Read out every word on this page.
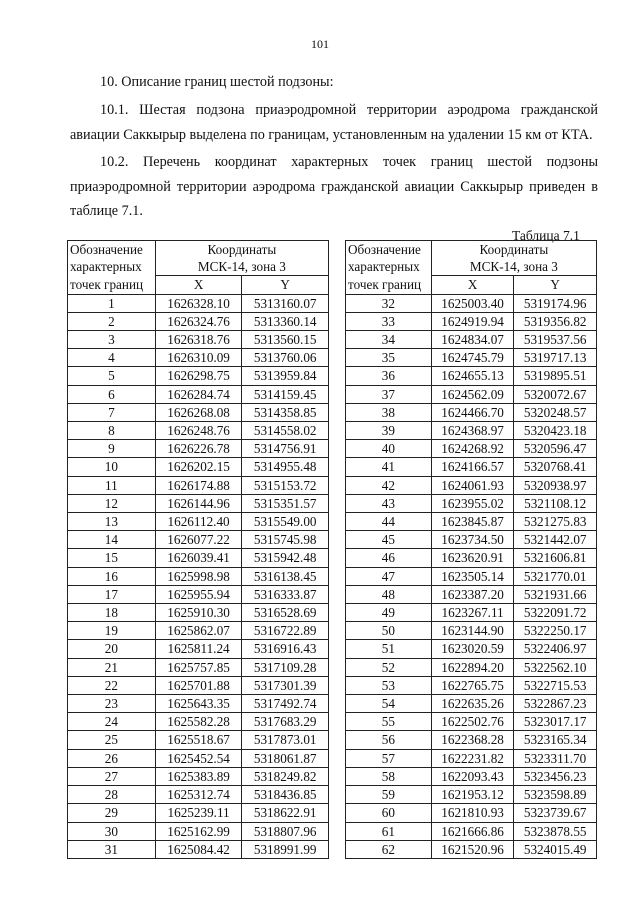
101

10. Описание границ шестой подзоны:

10.1. Шестая подзона приаэродромной территории аэродрома гражданской

авиации Саккырыр выделена по границам, установленным на удалении 15 км от КТА.

10.2. Перечень координат характерных точек границ шестой подзоны

приаэродромной территории аэродрома гражданской авиации Саккырыр приведен в

таблице 7.1.

Таблица 7.1
Обозначение	Координаты	
характерных	МСК-14, зона 3	
точек границ	X	Y
1	1626328.10	5313160.07
2	1626324.76	5313360.14
3	1626318.76	5313560.15
4	1626310.09	5313760.06
5	1626298.75	5313959.84
6	1626284.74	5314159.45
7	1626268.08	5314358.85
8	1626248.76	5314558.02
9	1626226.78	5314756.91
10	1626202.15	5314955.48
11	1626174.88	5315153.72
12	1626144.96	5315351.57
13	1626112.40	5315549.00
14	1626077.22	5315745.98
15	1626039.41	5315942.48
16	1625998.98	5316138.45
17	1625955.94	5316333.87
18	1625910.30	5316528.69
19	1625862.07	5316722.89
20	1625811.24	5316916.43
21	1625757.85	5317109.28
22	1625701.88	5317301.39
23	1625643.35	5317492.74
24	1625582.28	5317683.29
25	1625518.67	5317873.01
26	1625452.54	5318061.87
27	1625383.89	5318249.82
28	1625312.74	5318436.85
29	1625239.11	5318622.91
30	1625162.99	5318807.96
31	1625084.42	5318991.99
Обозначение	Координаты	
характерных	МСК-14, зона 3	
точек границ	X	Y
32	1625003.40	5319174.96
33	1624919.94	5319356.82
34	1624834.07	5319537.56
35	1624745.79	5319717.13
36	1624655.13	5319895.51
37	1624562.09	5320072.67
38	1624466.70	5320248.57
39	1624368.97	5320423.18
40	1624268.92	5320596.47
41	1624166.57	5320768.41
42	1624061.93	5320938.97
43	1623955.02	5321108.12
44	1623845.87	5321275.83
45	1623734.50	5321442.07
46	1623620.91	5321606.81
47	1623505.14	5321770.01
48	1623387.20	5321931.66
49	1623267.11	5322091.72
50	1623144.90	5322250.17
51	1623020.59	5322406.97
52	1622894.20	5322562.10
53	1622765.75	5322715.53
54	1622635.26	5322867.23
55	1622502.76	5323017.17
56	1622368.28	5323165.34
57	1622231.82	5323311.70
58	1622093.43	5323456.23
59	1621953.12	5323598.89
60	1621810.93	5323739.67
61	1621666.86	5323878.55
62	1621520.96	5324015.49
